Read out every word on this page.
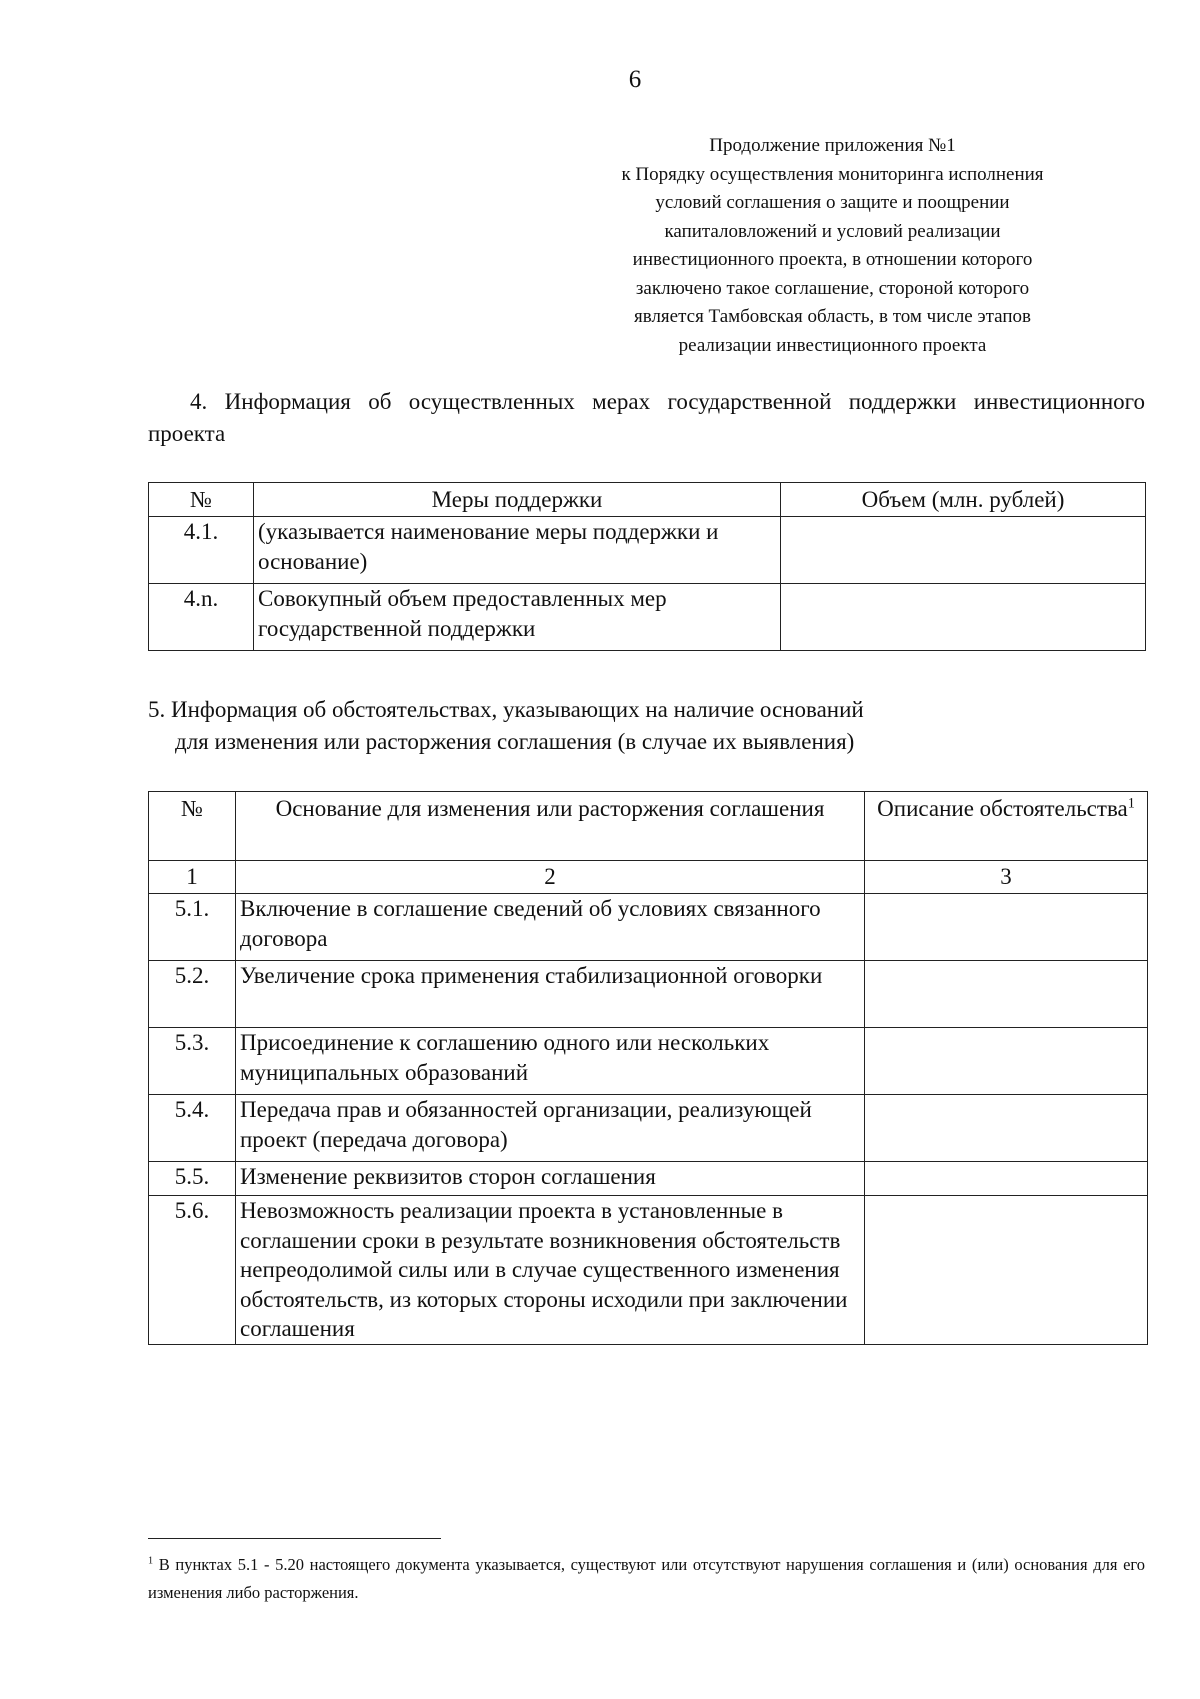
6
Продолжение приложения №1
к Порядку осуществления мониторинга исполнения
условий соглашения о защите и поощрении
капиталовложений и условий реализации
инвестиционного проекта, в отношении которого
заключено такое соглашение, стороной которого
является Тамбовская область, в том числе этапов
реализации инвестиционного проекта
4. Информация об осуществленных мерах государственной поддержки инвестиционного проекта
№	Меры поддержки	Объем (млн. рублей)
4.1.	(указывается наименование меры поддержки и основание)	
4.n.	Совокупный объем предоставленных мер государственной поддержки	
5. Информация об обстоятельствах, указывающих на наличие оснований
для изменения или расторжения соглашения (в случае их выявления)
№	Основание для изменения или расторжения соглашения	Описание обстоятельства$^1$
1	2	3
5.1.	Включение в соглашение сведений об условиях связанного договора	
5.2.	Увеличение срока применения стабилизационной оговорки	
5.3.	Присоединение к соглашению одного или нескольких муниципальных образований	
5.4.	Передача прав и обязанностей организации, реализующей проект (передача договора)	
5.5.	Изменение реквизитов сторон соглашения	
5.6.	Невозможность реализации проекта в установленные в соглашении сроки в результате возникновения обстоятельств непреодолимой силы или в случае существенного изменения обстоятельств, из которых стороны исходили при заключении соглашения	
$^1$ В пунктах 5.1 - 5.20 настоящего документа указывается, существуют или отсутствуют нарушения соглашения и (или) основания для его изменения либо расторжения.
